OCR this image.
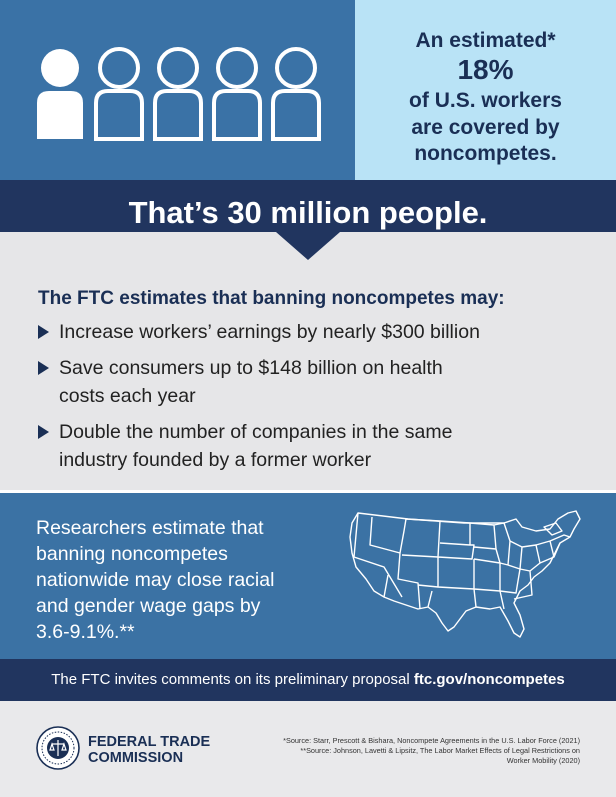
An estimated*
18%
of U.S. workers
are covered by
noncompetes.
That’s 30 million people.
The FTC estimates that banning noncompetes may:
Increase workers’ earnings by nearly $300 billion
Save consumers up to $148 billion on health
costs each year
Double the number of companies in the same
industry founded by a former worker
Researchers estimate that
banning noncompetes
nationwide may close racial
and gender wage gaps by
3.6-9.1%.**
The FTC invites comments on its preliminary proposal ftc.gov/noncompetes
FEDERAL TRADE
COMMISSION
*Source: Starr, Prescott & Bishara, Noncompete Agreements in the U.S. Labor Force (2021)
**Source: Johnson, Lavetti & Lipsitz, The Labor Market Effects of Legal Restrictions on
Worker Mobility (2020)
